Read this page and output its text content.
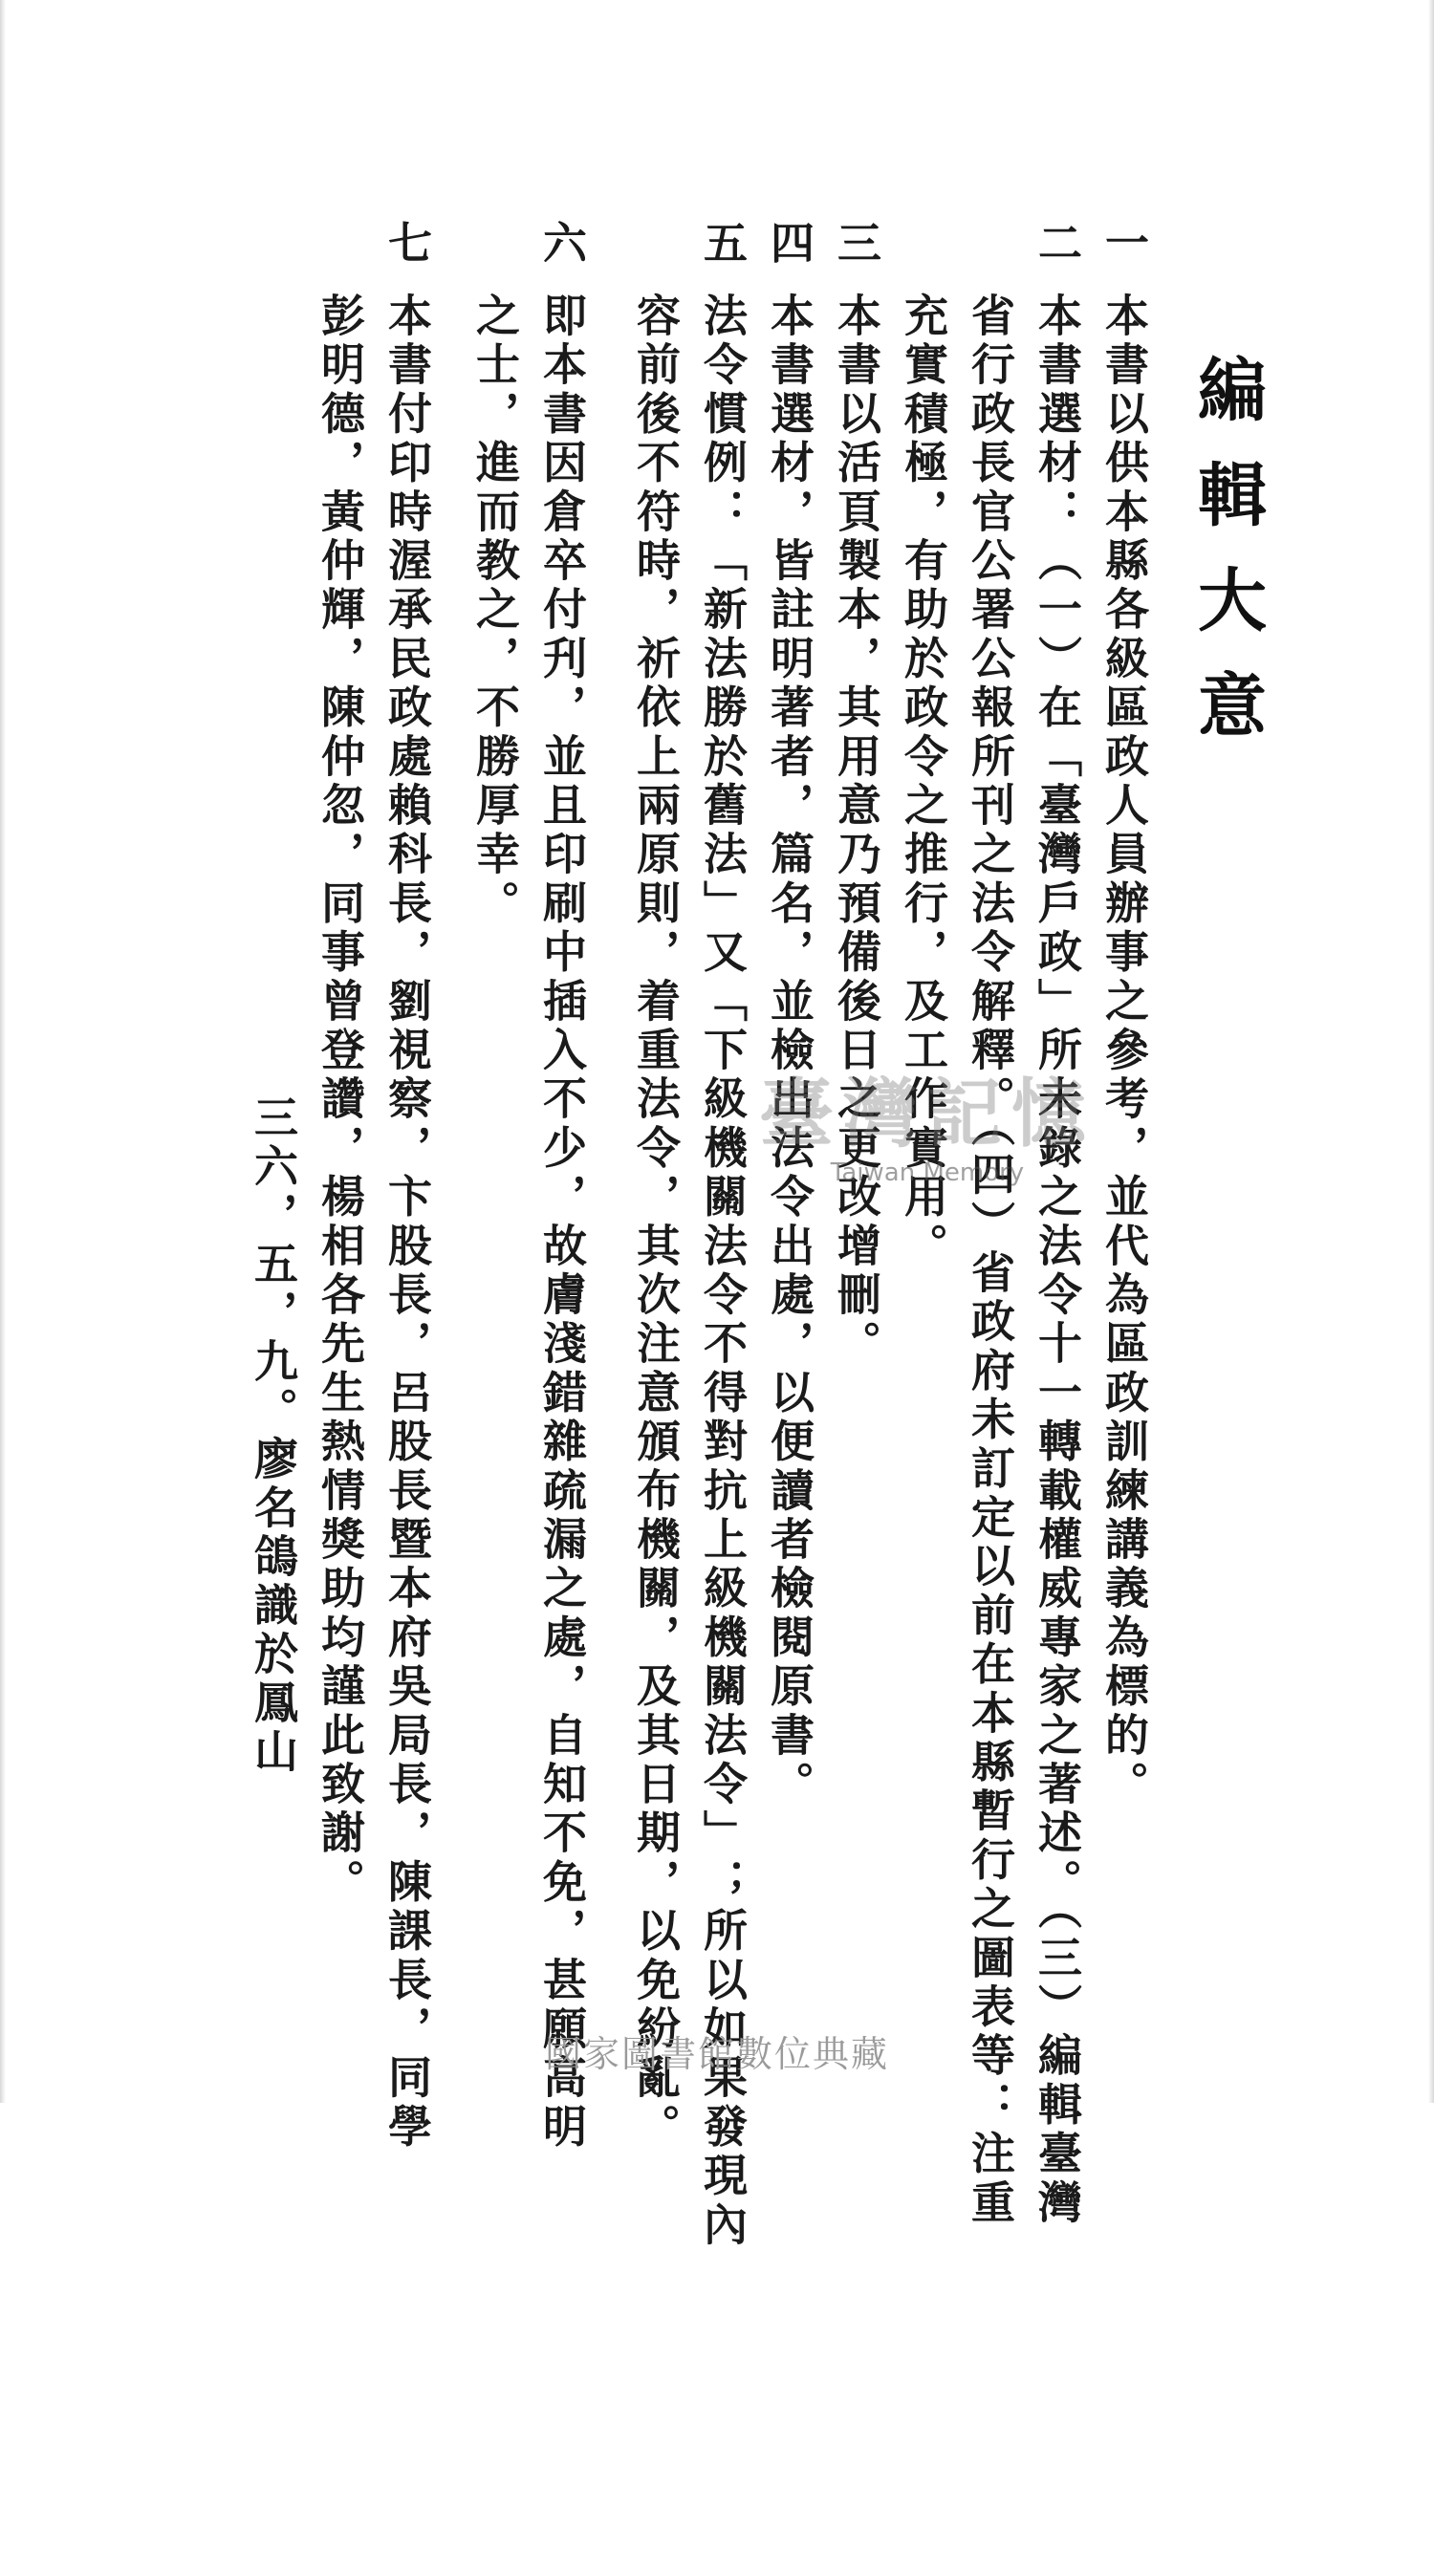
編輯大意
一本書以供本縣各級區政人員辦事之參考，並代為區政訓練講義為標的。
二本書選材：（一）在「臺灣戶政」所未錄之法令十一轉載權威專家之著述。（三）編輯臺灣
省行政長官公署公報所刊之法令解釋。（四）省政府未訂定以前在本縣暫行之圖表等：注重
充實積極，有助於政令之推行，及工作實用。
三本書以活頁製本，其用意乃預備後日之更改增刪。
四本書選材，皆註明著者，篇名，並檢出法令出處，以便讀者檢閱原書。
五法令慣例：「新法勝於舊法」又「下級機關法令不得對抗上級機關法令」；所以如果發現內
容前後不符時，祈依上兩原則，着重法令，其次注意頒布機關，及其日期，以免紛亂。
六即本書因倉卒付刋，並且印刷中插入不少，故膚淺錯雜疏漏之處，自知不免，甚願高明
之士，進而教之，不勝厚幸。
七本書付印時渥承民政處賴科長，劉視察，卞股長，呂股長暨本府吳局長，陳課長，同學
彭明德，黃仲輝，陳仲忽，同事曾登讚，楊相各先生熱情獎助均謹此致謝。
三六，五，九。廖名鴿識於鳳山	臺灣記憶
Taiwan Memory
國家圖書館數位典藏
